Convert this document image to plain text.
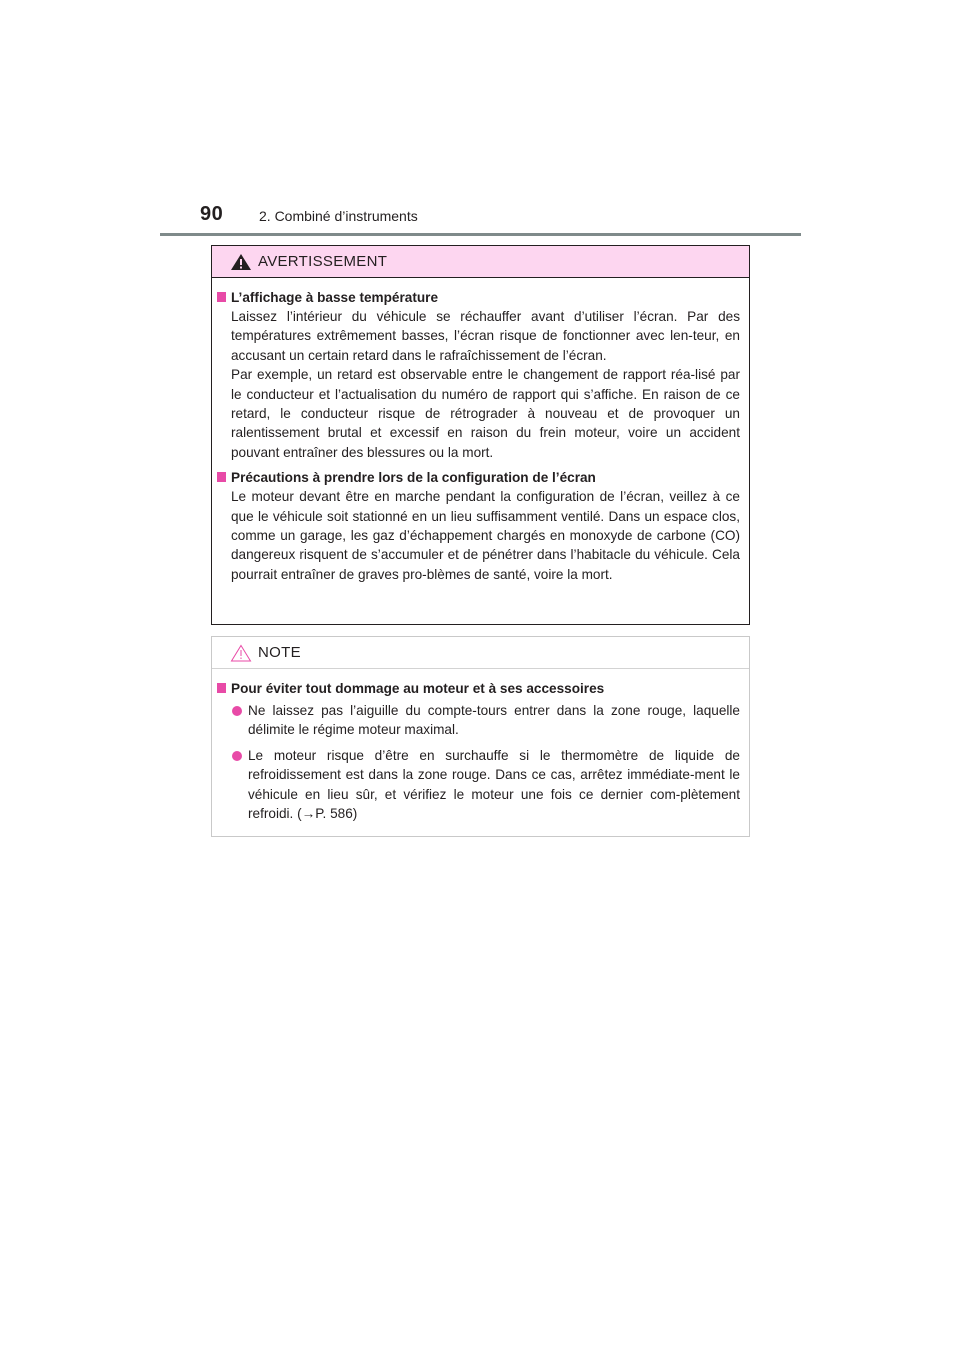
90	2. Combiné d’instruments
AVERTISSEMENT
L’affichage à basse température

Laissez l’intérieur du véhicule se réchauffer avant d’utiliser l’écran. Par des températures extrêmement basses, l’écran risque de fonctionner avec len-teur, en accusant un certain retard dans le rafraîchissement de l’écran.

Par exemple, un retard est observable entre le changement de rapport réa-lisé par le conducteur et l’actualisation du numéro de rapport qui s’affiche. En raison de ce retard, le conducteur risque de rétrograder à nouveau et de provoquer un ralentissement brutal et excessif en raison du frein moteur, voire un accident pouvant entraîner des blessures ou la mort.

Précautions à prendre lors de la configuration de l’écran

Le moteur devant être en marche pendant la configuration de l’écran, veillez à ce que le véhicule soit stationné en un lieu suffisamment ventilé. Dans un espace clos, comme un garage, les gaz d’échappement chargés en monoxyde de carbone (CO) dangereux risquent de s’accumuler et de pénétrer dans l’habitacle du véhicule. Cela pourrait entraîner de graves pro-blèmes de santé, voire la mort.

NOTE
Pour éviter tout dommage au moteur et à ses accessoires
Ne laissez pas l’aiguille du compte-tours entrer dans la zone rouge, laquelle délimite le régime moteur maximal.
Le moteur risque d’être en surchauffe si le thermomètre de liquide de refroidissement est dans la zone rouge. Dans ce cas, arrêtez immédiate-ment le véhicule en lieu sûr, et vérifiez le moteur une fois ce dernier com-plètement refroidi. (→P. 586)
